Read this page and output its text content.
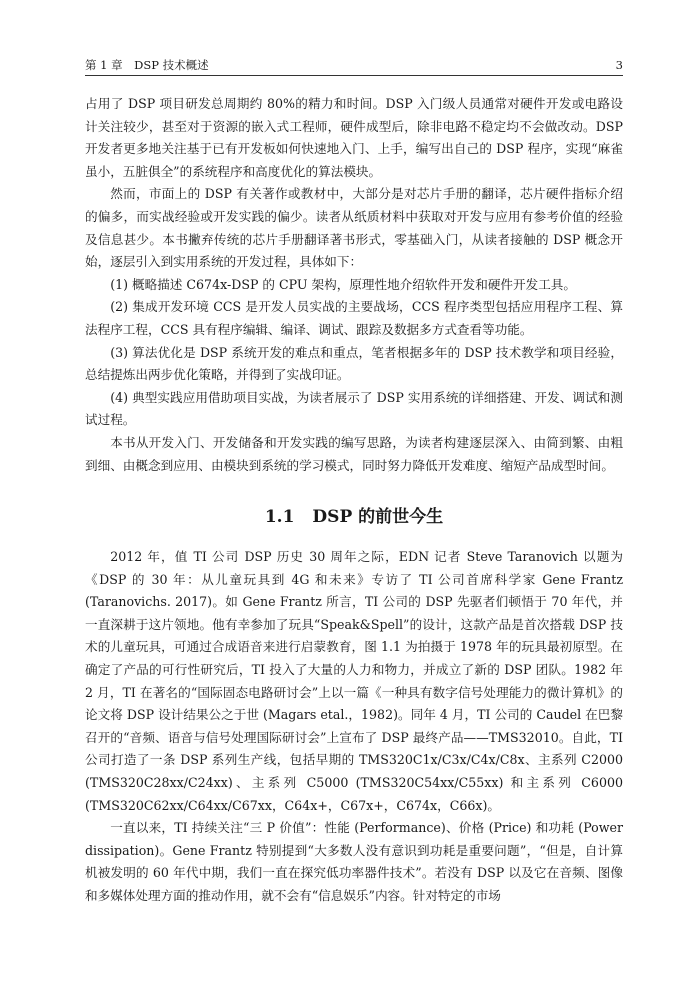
第 1 章　DSP 技术概述	3

占用了 DSP 项目研发总周期约 80%的精力和时间。DSP 入门级人员通常对硬件开发或电路设计关注较少，甚至对于资源的嵌入式工程师，硬件成型后，除非电路不稳定均不会做改动。DSP 开发者更多地关注基于已有开发板如何快速地入门、上手，编写出自己的 DSP 程序，实现“麻雀虽小，五脏俱全”的系统程序和高度优化的算法模块。

然而，市面上的 DSP 有关著作或教材中，大部分是对芯片手册的翻译，芯片硬件指标介绍的偏多，而实战经验或开发实践的偏少。读者从纸质材料中获取对开发与应用有参考价值的经验及信息甚少。本书撇弃传统的芯片手册翻译著书形式，零基础入门，从读者接触的 DSP 概念开始，逐层引入到实用系统的开发过程，具体如下：

(1) 概略描述 C674x-DSP 的 CPU 架构，原理性地介绍软件开发和硬件开发工具。

(2) 集成开发环境 CCS 是开发人员实战的主要战场，CCS 程序类型包括应用程序工程、算法程序工程，CCS 具有程序编辑、编译、调试、跟踪及数据多方式查看等功能。

(3) 算法优化是 DSP 系统开发的难点和重点，笔者根据多年的 DSP 技术教学和项目经验，总结提炼出两步优化策略，并得到了实战印证。

(4) 典型实践应用借助项目实战，为读者展示了 DSP 实用系统的详细搭建、开发、调试和测试过程。

本书从开发入门、开发储备和开发实践的编写思路，为读者构建逐层深入、由简到繁、由粗到细、由概念到应用、由模块到系统的学习模式，同时努力降低开发难度、缩短产品成型时间。

1.1 DSP 的前世今生

2012 年，值 TI 公司 DSP 历史 30 周年之际，EDN 记者 Steve Taranovich 以题为《DSP 的 30 年：从儿童玩具到 4G 和未来》专访了 TI 公司首席科学家 Gene Frantz (Taranovichs. 2017)。如 Gene Frantz 所言，TI 公司的 DSP 先驱者们顿悟于 70 年代，并一直深耕于这片领地。他有幸参加了玩具“Speak&Spell”的设计，这款产品是首次搭载 DSP 技术的儿童玩具，可通过合成语音来进行启蒙教育，图 1.1 为拍摄于 1978 年的玩具最初原型。在确定了产品的可行性研究后，TI 投入了大量的人力和物力，并成立了新的 DSP 团队。1982 年 2 月，TI 在著名的“国际固态电路研讨会”上以一篇《一种具有数字信号处理能力的微计算机》的论文将 DSP 设计结果公之于世 (Magars etal.，1982)。同年 4 月，TI 公司的 Caudel 在巴黎召开的“音频、语音与信号处理国际研讨会”上宣布了 DSP 最终产品——TMS32010。自此，TI 公司打造了一条 DSP 系列生产线，包括早期的 TMS320C1x/C3x/C4x/C8x、主系列 C2000 (TMS320C28xx/C24xx)、主系列 C5000 (TMS320C54xx/C55xx) 和主系列 C6000 (TMS320C62xx/C64xx/C67xx，C64x+，C67x+，C674x，C66x)。

一直以来，TI 持续关注“三 P 价值”：性能 (Performance)、价格 (Price) 和功耗 (Power dissipation)。Gene Frantz 特别提到“大多数人没有意识到功耗是重要问题”，“但是，自计算机被发明的 60 年代中期，我们一直在探究低功率器件技术”。若没有 DSP 以及它在音频、图像和多媒体处理方面的推动作用，就不会有“信息娱乐”内容。针对特定的市场
